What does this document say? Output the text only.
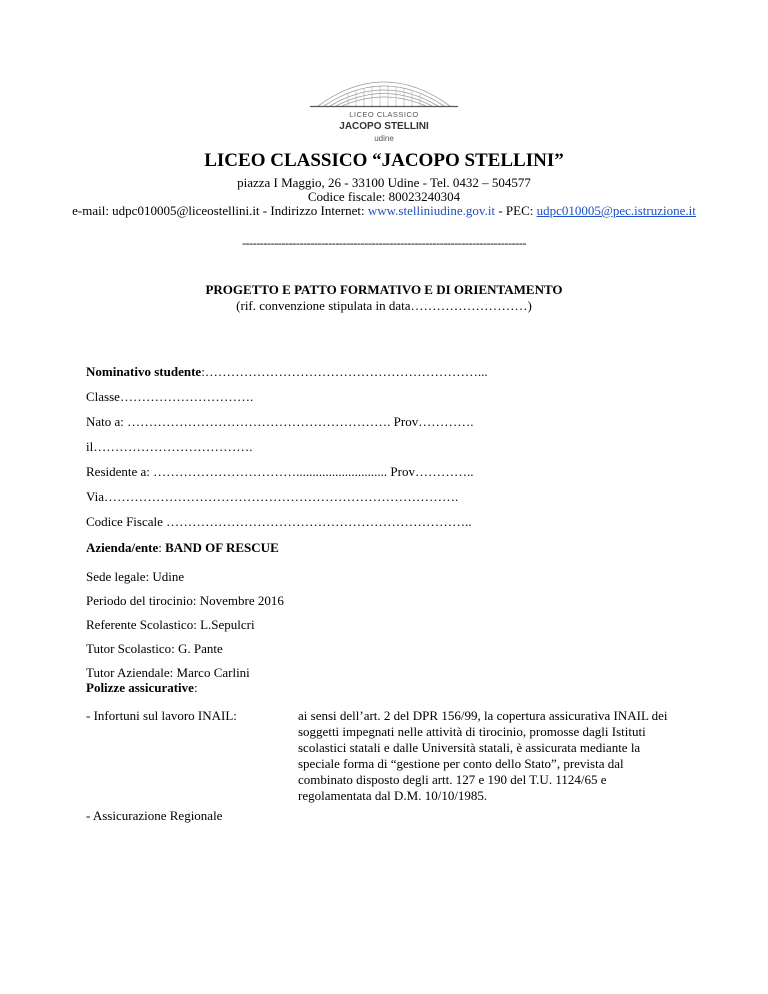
LICEO CLASSICO
JACOPO STELLINI
udine
LICEO CLASSICO “JACOPO STELLINI”
piazza I Maggio, 26 - 33100 Udine - Tel. 0432 – 504577
Codice fiscale: 80023240304
e-mail: udpc010005@liceostellini.it - Indirizzo Internet: www.stelliniudine.gov.it - PEC: udpc010005@pec.istruzione.it
-------------------------------------------------------------------------------
PROGETTO E PATTO FORMATIVO E DI ORIENTAMENTO
(rif. convenzione stipulata in data………………………)
Nominativo studente:………………………………………………………...
Classe………………………….
Nato a: ……………………………………………………. Prov………….
il……………………………….
Residente a: ……………………………............................ Prov…………..
Via……………………………………………………………………….
Codice Fiscale ……………………………………………………………..
Azienda/ente: BAND OF RESCUE
Sede legale: Udine
Periodo del tirocinio: Novembre 2016
Referente Scolastico: L.Sepulcri
Tutor Scolastico: G. Pante
Tutor Aziendale: Marco Carlini
Polizze assicurative:
- Infortuni sul lavoro INAIL:	ai sensi dell’art. 2 del DPR 156/99, la copertura assicurativa INAIL dei soggetti impegnati nelle attività di tirocinio, promosse dagli Istituti scolastici statali e dalle Università statali, è assicurata mediante la speciale forma di “gestione per conto dello Stato”, prevista dal combinato disposto degli artt. 127 e 190 del T.U. 1124/65 e regolamentata dal D.M. 10/10/1985.
- Assicurazione Regionale
